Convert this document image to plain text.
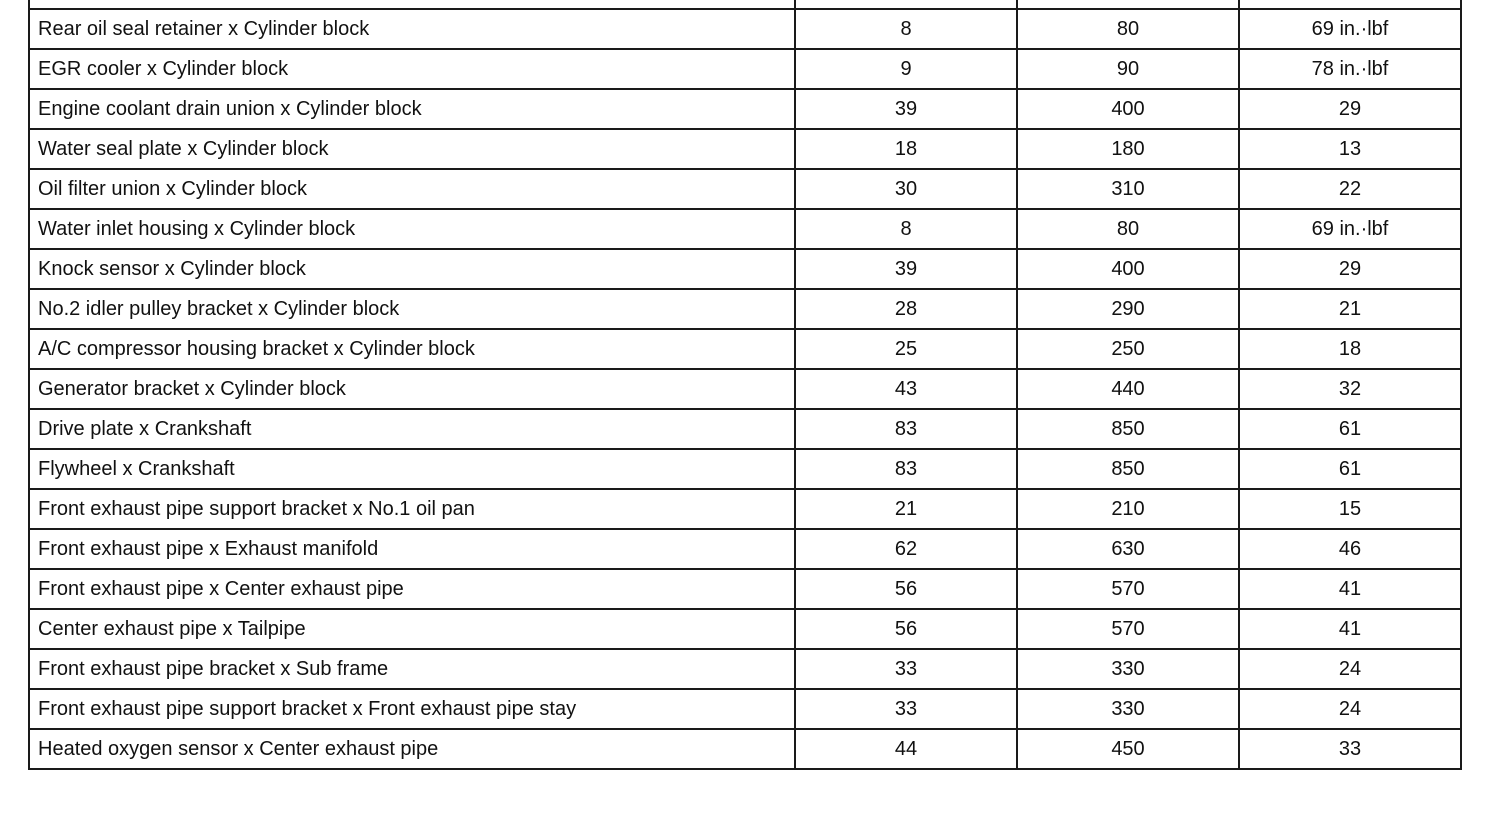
Rear oil seal retainer x Cylinder block	8	80	69 in.·lbf
EGR cooler x Cylinder block	9	90	78 in.·lbf
Engine coolant drain union x Cylinder block	39	400	29
Water seal plate x Cylinder block	18	180	13
Oil filter union x Cylinder block	30	310	22
Water inlet housing x Cylinder block	8	80	69 in.·lbf
Knock sensor x Cylinder block	39	400	29
No.2 idler pulley bracket x Cylinder block	28	290	21
A/C compressor housing bracket x Cylinder block	25	250	18
Generator bracket x Cylinder block	43	440	32
Drive plate x Crankshaft	83	850	61
Flywheel x Crankshaft	83	850	61
Front exhaust pipe support bracket x No.1 oil pan	21	210	15
Front exhaust pipe x Exhaust manifold	62	630	46
Front exhaust pipe x Center exhaust pipe	56	570	41
Center exhaust pipe x Tailpipe	56	570	41
Front exhaust pipe bracket x Sub frame	33	330	24
Front exhaust pipe support bracket x Front exhaust pipe stay	33	330	24
Heated oxygen sensor x Center exhaust pipe	44	450	33
